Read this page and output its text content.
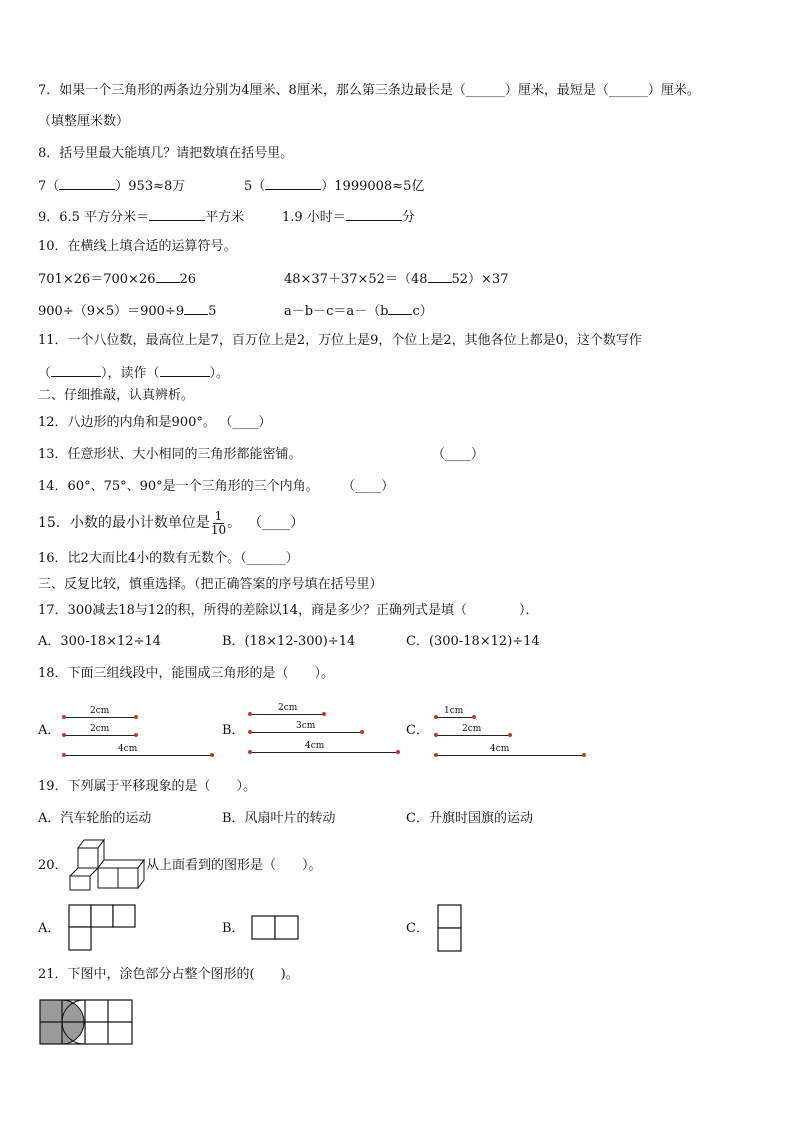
7．如果一个三角形的两条边分别为4厘米、8厘米，那么第三条边最长是（______）厘米，最短是（______）厘米。
（填整厘米数）
8．括号里最大能填几？请把数填在括号里。
7（	）953≈8万	5（	）1999008≈5亿
9．6.5 平方分米＝	平方米	1.9 小时＝	分
10．在横线上填合适的运算符号。
701×26＝700×26 26	48×37＋37×52＝（48 52）×37
900÷（9×5）＝900÷9 5	a－b－c＝a－（b c）
11．一个八位数，最高位上是7，百万位上是2，万位上是9，个位上是2，其他各位上都是0，这个数写作
（	），读作（	）。
二、仔细推敲，认真辨析。
12．八边形的内角和是900°。 （____）
13．任意形状、大小相同的三角形都能密铺。	（____）
14．60°、75°、90°是一个三角形的三个内角。 （____）
15．小数的最小计数单位是 $\frac{1}{10}$ 。 （____）
16．比2大而比4小的数有无数个。（______）
三、反复比较，慎重选择。（把正确答案的序号填在括号里）
17．300减去18与12的积，所得的差除以14，商是多少？正确列式是填（　　　　）．
A．300-18×12÷14	B．(18×12-300)÷14	C．(300-18×12)÷14
18．下面三组线段中，能围成三角形的是（　　）。
A．	B．	C．
2cm
2cm
4cm
2cm
3cm
4cm
1cm
2cm
4cm
19．下列属于平移现象的是（　　）。
A．汽车轮胎的运动	B．风扇叶片的转动	C．升旗时国旗的运动
20．	从上面看到的图形是（　　）。
A．	B．	C．
21．下图中，涂色部分占整个图形的(　　)。
